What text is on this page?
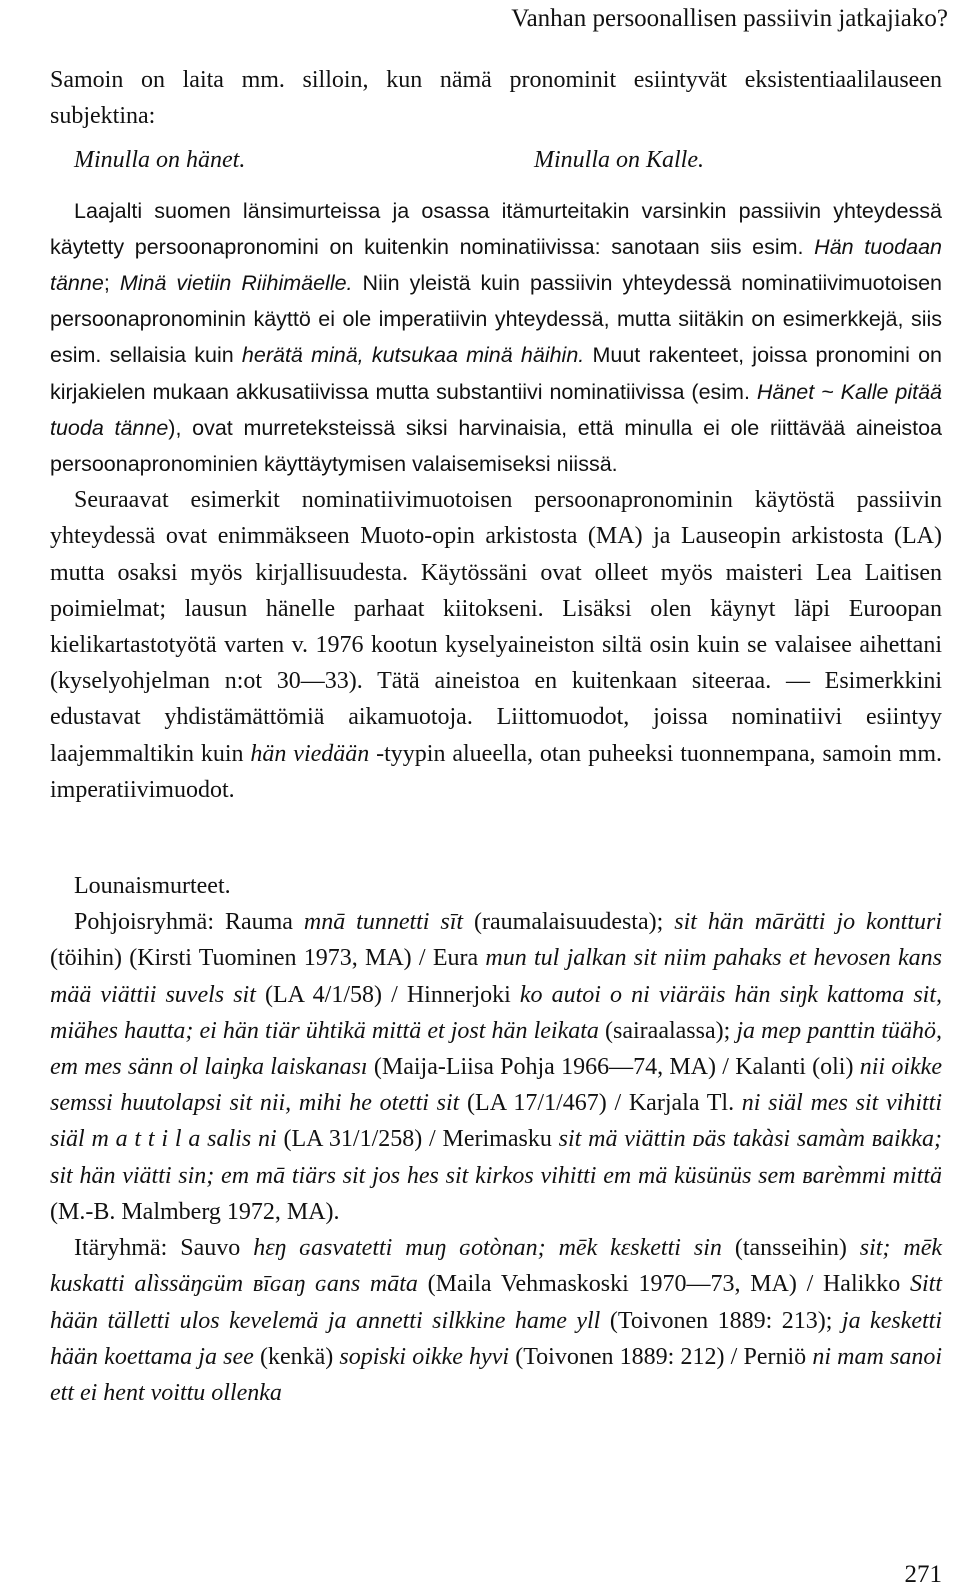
Vanhan persoonallisen passiivin jatkajiako?

Samoin on laita mm. silloin, kun nämä pronominit esiintyvät eksistentiaalilauseen subjektina:

Minulla on hänet.	Minulla on Kalle.

Laajalti suomen länsimurteissa ja osassa itämurteitakin varsinkin passiivin yhteydessä käytetty persoonapronomini on kuitenkin nominatiivissa: sanotaan siis esim. Hän tuodaan tänne; Minä vietiin Riihimäelle. Niin yleistä kuin passiivin yhteydessä nominatiivimuotoisen persoonapronominin käyttö ei ole imperatiivin yhteydessä, mutta siitäkin on esimerkkejä, siis esim. sellaisia kuin herätä minä, kutsukaa minä häihin. Muut rakenteet, joissa pronomini on kirjakielen mukaan akkusatiivissa mutta substantiivi nominatiivissa (esim. Hänet ~ Kalle pitää tuoda tänne), ovat murreteksteissä siksi harvinaisia, että minulla ei ole riittävää aineistoa persoonapronominien käyttäytymisen valaisemiseksi niissä.

Seuraavat esimerkit nominatiivimuotoisen persoonapronominin käytöstä passiivin yhteydessä ovat enimmäkseen Muoto-opin arkistosta (MA) ja Lauseopin arkistosta (LA) mutta osaksi myös kirjallisuudesta. Käytössäni ovat olleet myös maisteri Lea Laitisen poimielmat; lausun hänelle parhaat kiitokseni. Lisäksi olen käynyt läpi Euroopan kielikartastotyötä varten v. 1976 kootun kyselyaineiston siltä osin kuin se valaisee aihettani (kyselyohjelman n:ot 30—33). Tätä aineistoa en kuitenkaan siteeraa. — Esimerkkini edustavat yhdistämättömiä aikamuotoja. Liittomuodot, joissa nominatiivi esiintyy laajemmaltikin kuin hän viedään -tyypin alueella, otan puheeksi tuonnempana, samoin mm. imperatiivimuodot.

Lounaismurteet.

Pohjoisryhmä: Rauma mnā tunnetti sīt (raumalaisuudesta); sit hän mārätti jo kontturi (töihin) (Kirsti Tuominen 1973, MA) / Eura mun tul jalkan sit niim pahaks et hevosen kans mää viättii suvels sit (LA 4/1/58) / Hinnerjoki ko autoi o ni viäräis hän siŋk kattoma sit, miähes hautta; ei hän tiär ühtikä mittä et jost hän leikata (sairaalassa); ja mep panttin tüähö, em mes sänn ol laiŋka laiskanası (Maija-Liisa Pohja 1966—74, MA) / Kalanti (oli) nii oikke semssi huutolapsi sit nii, mihi he otetti sit (LA 17/1/467) / Karjala Tl. ni siäl mes sit vihitti siäl m a t t i l a salis ni (LA 31/1/258) / Merimasku sit mä viättin ᴅäs takàsi samàm ʙaikka; sit hän viätti sin; em mā tiärs sit jos hes sit kirkos vihitti em mä küsünüs sem ʙarèmmi mittä (M.-B. Malmberg 1972, MA).

Itäryhmä: Sauvo hεŋ ɢasvatetti muŋ ɢotònan; mēk kεsketti sin (tansseihin) sit; mēk kuskatti alìssäŋɢüm ʙīɢaŋ ɢans māta (Maila Vehmaskoski 1970—73, MA) / Halikko Sitt hään tälletti ulos kevelemä ja annetti silkkine hame yll (Toivonen 1889: 213); ja kesketti hään koettama ja see (kenkä) sopiski oikke hyvi (Toivonen 1889: 212) / Perniö ni mam sanoi ett ei hent voittu ollenka

271
